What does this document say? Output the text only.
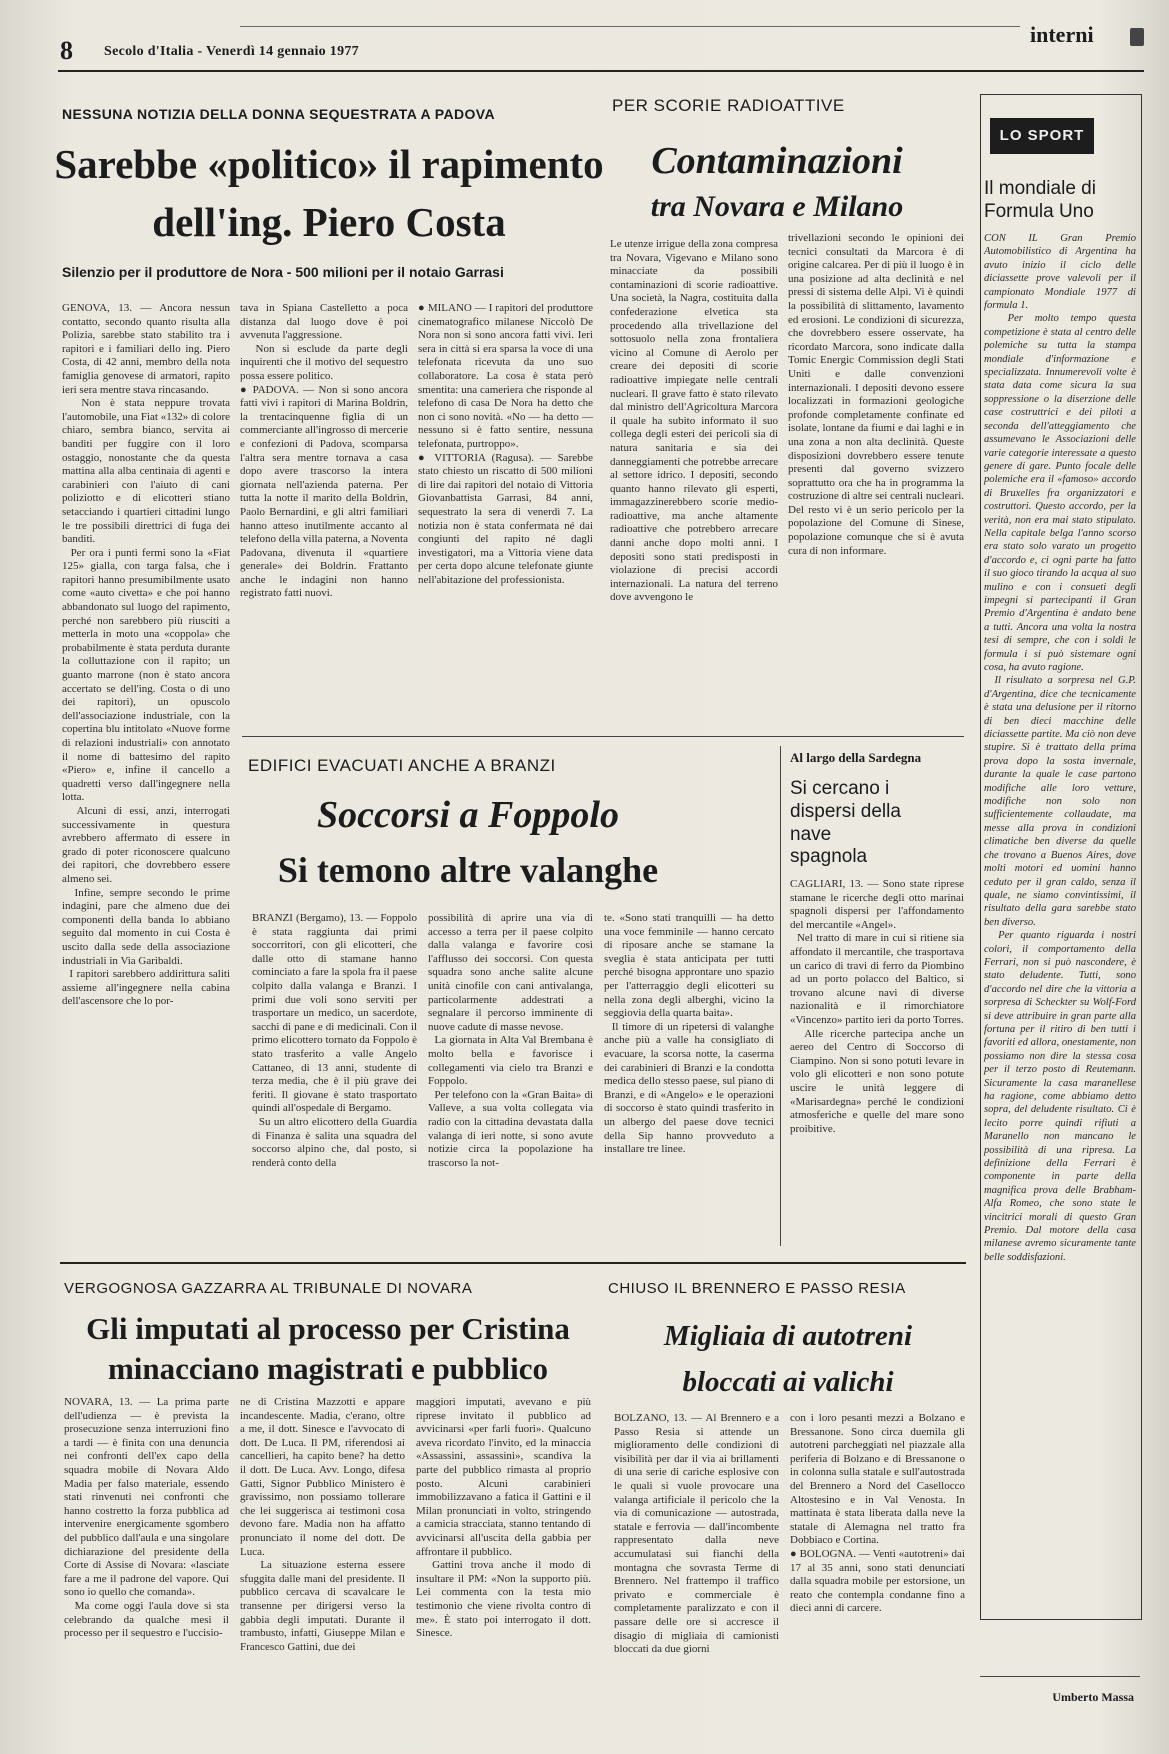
8 Secolo d'Italia - Venerdì 14 gennaio 1977
interni
NESSUNA NOTIZIA DELLA DONNA SEQUESTRATA A PADOVA
Sarebbe «politico» il rapimento
dell'ing. Piero Costa
Silenzio per il produttore de Nora - 500 milioni per il notaio Garrasi
GENOVA, 13. — Ancora nessun contatto, secondo quanto risulta alla Polizia, sarebbe stato stabilito tra i rapitori e i familiari dello ing. Piero Costa, di 42 anni, membro della nota famiglia genovese di armatori, rapito ieri sera mentre stava rincasando.
Non è stata neppure trovata l'automobile, una Fiat «132» di colore chiaro, sembra bianco, servita ai banditi per fuggire con il loro ostaggio, nonostante che da questa mattina alla alba centinaia di agenti e carabinieri con l'aiuto di cani poliziotto e di elicotteri stiano setacciando i quartieri cittadini lungo le tre possibili direttrici di fuga dei banditi.
Per ora i punti fermi sono la «Fiat 125» gialla, con targa falsa, che i rapitori hanno presumibilmente usato come «auto civetta» e che poi hanno abbandonato sul luogo del rapimento, perché non sarebbero più riusciti a metterla in moto una «coppola» che probabilmente è stata perduta durante la colluttazione con il rapito; un guanto marrone (non è stato ancora accertato se dell'ing. Costa o di uno dei rapitori), un opuscolo dell'associazione industriale, con la copertina blu intitolato «Nuove forme di relazioni industriali» con annotato il nome di battesimo del rapito «Piero» e, infine il cancello a quadretti verso dall'ingegnere nella lotta.
Alcuni di essi, anzi, interrogati successivamente in questura avrebbero affermato di essere in grado di poter riconoscere qualcuno dei rapitori, che dovrebbero essere almeno sei.
Infine, sempre secondo le prime indagini, pare che almeno due dei componenti della banda lo abbiano seguito dal momento in cui Costa è uscito dalla sede della associazione industriali in Via Garibaldi.
I rapitori sarebbero addirittura saliti assieme all'ingegnere nella cabina dell'ascensore che lo por-
tava in Spiana Castelletto a poca distanza dal luogo dove è poi avvenuta l'aggressione.
Non si esclude da parte degli inquirenti che il motivo del sequestro possa essere politico.
● PADOVA. — Non si sono ancora fatti vivi i rapitori di Marina Boldrin, la trentacinquenne figlia di un commerciante all'ingrosso di mercerie e confezioni di Padova, scomparsa l'altra sera mentre tornava a casa dopo avere trascorso la intera giornata nell'azienda paterna. Per tutta la notte il marito della Boldrin, Paolo Bernardini, e gli altri familiari hanno atteso inutilmente accanto al telefono della villa paterna, a Noventa Padovana, divenuta il «quartiere generale» dei Boldrin. Frattanto anche le indagini non hanno registrato fatti nuovi.
● MILANO — I rapitori del produttore cinematografico milanese Niccolò De Nora non si sono ancora fatti vivi. Ieri sera in città si era sparsa la voce di una telefonata ricevuta da uno suo collaboratore. La cosa è stata però smentita: una cameriera che risponde al telefono di casa De Nora ha detto che non ci sono novità. «No — ha detto — nessuno si è fatto sentire, nessuna telefonata, purtroppo».
● VITTORIA (Ragusa). — Sarebbe stato chiesto un riscatto di 500 milioni di lire dai rapitori del notaio di Vittoria Giovanbattista Garrasi, 84 anni, sequestrato la sera di venerdì 7. La notizia non è stata confermata né dai congiunti del rapito né dagli investigatori, ma a Vittoria viene data per certa dopo alcune telefonate giunte nell'abitazione del professionista.
PER SCORIE RADIOATTIVE
Contaminazioni
tra Novara e Milano
Le utenze irrigue della zona compresa tra Novara, Vigevano e Milano sono minacciate da possibili contaminazioni di scorie radioattive. Una società, la Nagra, costituita dalla confederazione elvetica sta procedendo alla trivellazione del sottosuolo nella zona frontaliera vicino al Comune di Aerolo per creare dei depositi di scorie radioattive impiegate nelle centrali nucleari. Il grave fatto è stato rilevato dal ministro dell'Agricoltura Marcora il quale ha subito informato il suo collega degli esteri dei pericoli sia di natura sanitaria e sia dei danneggiamenti che potrebbe arrecare al settore idrico. I depositi, secondo quanto hanno rilevato gli esperti, immagazzinerebbero scorie medio-radioattive, ma anche altamente radioattive che potrebbero arrecare danni anche dopo molti anni. I depositi sono stati predisposti in violazione di precisi accordi internazionali. La natura del terreno dove avvengono le
trivellazioni secondo le opinioni dei tecnici consultati da Marcora è di origine calcarea. Per di più il luogo è in una posizione ad alta declinità e nel pressi di sistema delle Alpi. Vi è quindi la possibilità di slittamento, lavamento ed erosioni. Le condizioni di sicurezza, che dovrebbero essere osservate, ha ricordato Marcora, sono indicate dalla Tomic Energic Commission degli Stati Uniti e dalle convenzioni internazionali. I depositi devono essere localizzati in formazioni geologiche profonde completamente confinate ed isolate, lontane da fiumi e dai laghi e in una zona a non alta declinità. Queste disposizioni dovrebbero essere tenute presenti dal governo svizzero soprattutto ora che ha in programma la costruzione di altre sei centrali nucleari. Del resto vi è un serio pericolo per la popolazione del Comune di Sinese, popolazione comunque che si è avuta cura di non informare.
EDIFICI EVACUATI ANCHE A BRANZI
Soccorsi a Foppolo
Si temono altre valanghe
BRANZI (Bergamo), 13. — Foppolo è stata raggiunta dai primi soccorritori, con gli elicotteri, che dalle otto di stamane hanno cominciato a fare la spola fra il paese colpito dalla valanga e Branzi. I primi due voli sono serviti per trasportare un medico, un sacerdote, sacchi di pane e di medicinali. Con il primo elicottero tornato da Foppolo è stato trasferito a valle Angelo Cattaneo, di 13 anni, studente di terza media, che è il più grave dei feriti. Il giovane è stato trasportato quindi all'ospedale di Bergamo.
Su un altro elicottero della Guardia di Finanza è salita una squadra del soccorso alpino che, dal posto, si renderà conto della
possibilità di aprire una via di accesso a terra per il paese colpito dalla valanga e favorire così l'afflusso dei soccorsi. Con questa squadra sono anche salite alcune unità cinofile con cani antivalanga, particolarmente addestrati a segnalare il percorso imminente di nuove cadute di masse nevose.
La giornata in Alta Val Brembana è molto bella e favorisce i collegamenti via cielo tra Branzi e Foppolo.
Per telefono con la «Gran Baita» di Valleve, a sua volta collegata via radio con la cittadina devastata dalla valanga di ieri notte, si sono avute notizie circa la popolazione ha trascorso la not-
te. «Sono stati tranquilli — ha detto una voce femminile — hanno cercato di riposare anche se stamane la sveglia è stata anticipata per tutti perché bisogna approntare uno spazio per l'atterraggio degli elicotteri su nella zona degli alberghi, vicino la seggiovia della quarta baita».
Il timore di un ripetersi di valanghe anche più a valle ha consigliato di evacuare, la scorsa notte, la caserma dei carabinieri di Branzi e la condotta medica dello stesso paese, sul piano di Branzi, e di «Angelo» e le operazioni di soccorso è stato quindi trasferito in un albergo del paese dove tecnici della Sip hanno provveduto a installare tre linee.
Al largo della Sardegna
Si cercano i dispersi della nave spagnola
CAGLIARI, 13. — Sono state riprese stamane le ricerche degli otto marinai spagnoli dispersi per l'affondamento del mercantile «Angel».
Nel tratto di mare in cui si ritiene sia affondato il mercantile, che trasportava un carico di travi di ferro da Piombino ad un porto polacco del Baltico, si trovano alcune navi di diverse nazionalità e il rimorchiatore «Vincenzo» partito ieri da porto Torres.
Alle ricerche partecipa anche un aereo del Centro di Soccorso di Ciampino. Non si sono potuti levare in volo gli elicotteri e non sono potute uscire le unità leggere di «Marisardegna» perché le condizioni atmosferiche e quelle del mare sono proibitive.
VERGOGNOSA GAZZARRA AL TRIBUNALE DI NOVARA
Gli imputati al processo per Cristina
minacciano magistrati e pubblico
NOVARA, 13. — La prima parte dell'udienza — è prevista la prosecuzione senza interruzioni fino a tardi — è finita con una denuncia nei confronti dell'ex capo della squadra mobile di Novara Aldo Madia per falso materiale, essendo stati rinvenuti nei confronti che hanno costretto la forza pubblica ad intervenire energicamente sgombero del pubblico dall'aula e una singolare dichiarazione del presidente della Corte di Assise di Novara: «lasciate fare a me il padrone del vapore. Qui sono io quello che comanda».
Ma come oggi l'aula dove si sta celebrando da qualche mesi il processo per il sequestro e l'uccisio-
ne di Cristina Mazzotti e appare incandescente. Madia, c'erano, oltre a me, il dott. Sinesce e l'avvocato di dott. De Luca. Il PM, riferendosi ai cancellieri, ha capito bene? ha detto il dott. De Luca. Avv. Longo, difesa Gatti, Signor Pubblico Ministero è gravissimo, non possiamo tollerare che lei suggerisca ai testimoni cosa devono fare. Madia non ha affatto pronunciato il nome del dott. De Luca.
La situazione esterna essere sfuggita dalle mani del presidente. Il pubblico cercava di scavalcare le transenne per dirigersi verso la gabbia degli imputati. Durante il trambusto, infatti, Giuseppe Milan e Francesco Gattini, due dei
maggiori imputati, avevano e più riprese invitato il pubblico ad avvicinarsi «per farli fuori». Qualcuno aveva ricordato l'invito, ed la minaccia «Assassini, assassini», scandiva la parte del pubblico rimasta al proprio posto. Alcuni carabinieri immobilizzavano a fatica il Gattini e il Milan pronunciati in volto, stringendo a camicia stracciata, stanno tentando di avvicinarsi all'uscita della gabbia per affrontare il pubblico.
Gattini trova anche il modo di insultare il PM: «Non la supporto più. Lei commenta con la testa mio testimonio che viene rivolta contro di me». È stato poi interrogato il dott. Sinesce.
CHIUSO IL BRENNERO E PASSO RESIA
Migliaia di autotreni
bloccati ai valichi
BOLZANO, 13. — Al Brennero e a Passo Resia si attende un miglioramento delle condizioni di visibilità per dar il via ai brillamenti di una serie di cariche esplosive con le quali si vuole provocare una valanga artificiale il pericolo che la via di comunicazione — autostrada, statale e ferrovia — dall'incombente rappresentato dalla neve accumulatasi sui fianchi della montagna che sovrasta Terme di Brennero. Nel frattempo il traffico privato e commerciale è completamente paralizzato e con il passare delle ore si accresce il disagio di migliaia di camionisti bloccati da due giorni
con i loro pesanti mezzi a Bolzano e Bressanone. Sono circa duemila gli autotreni parcheggiati nel piazzale alla periferia di Bolzano e di Bressanone o in colonna sulla statale e sull'autostrada del Brennero a Nord del Casellocco Altostesino e in Val Venosta. In mattinata è stata liberata dalla neve la statale di Alemagna nel tratto fra Dobbiaco e Cortina.
● BOLOGNA. — Venti «autotreni» dai 17 al 35 anni, sono stati denunciati dalla squadra mobile per estorsione, un reato che contempla condanne fino a dieci anni di carcere.
LO SPORT
Il mondiale di Formula Uno
CON IL Gran Premio Automobilistico di Argentina ha avuto inizio il ciclo delle diciassette prove valevoli per il campionato Mondiale 1977 di formula 1.
Per molto tempo questa competizione è stata al centro delle polemiche su tutta la stampa mondiale d'informazione e specializzata. Innumerevoli volte è stata data come sicura la sua soppressione o la diserzione delle case costruttrici e dei piloti a seconda dell'atteggiamento che assumevano le Associazioni delle varie categorie interessate a questo genere di gare. Punto focale delle polemiche era il «famoso» accordo di Bruxelles fra organizzatori e costruttori. Questo accordo, per la verità, non era mai stato stipulato. Nella capitale belga l'anno scorso era stato solo varato un progetto d'accordo e, ci ogni parte ha fatto il suo gioco tirando la acqua al suo mulino e con i consueti degli impegni si partecipanti il Gran Premio d'Argentina è andato bene a tutti. Ancora una volta la nostra tesi di sempre, che con i soldi le formula i si può sistemare ogni cosa, ha avuto ragione.
Il risultato a sorpresa nel G.P. d'Argentina, dice che tecnicamente è stata una delusione per il ritorno di ben dieci macchine delle diciassette partite. Ma ciò non deve stupire. Si è trattato della prima prova dopo la sosta invernale, durante la quale le case partono modifiche alle loro vetture, modifiche non solo non sufficientemente collaudate, ma messe alla prova in condizioni climatiche ben diverse da quelle che trovano a Buenos Aires, dove molti motori ed uomini hanno ceduto per il gran caldo, senza il quale, ne siamo convintissimi, il risultato della gara sarebbe stato ben diverso.
Per quanto riguarda i nostri colori, il comportamento della Ferrari, non si può nascondere, è stato deludente. Tutti, sono d'accordo nel dire che la vittoria a sorpresa di Scheckter su Wolf-Ford si deve attribuire in gran parte alla fortuna per il ritiro di ben tutti i favoriti ed allora, onestamente, non possiamo non dire la stessa cosa per il terzo posto di Reutemann. Sicuramente la casa maranellese ha ragione, come abbiamo detto sopra, del deludente risultato. Ci è lecito porre quindi rifiuti a Maranello non mancano le possibilità di una ripresa. La definizione della Ferrari è componente in parte della magnifica prova delle Brabham-Alfa Romeo, che sono state le vincitrici morali di questo Gran Premio. Dal motore della casa milanese avremo sicuramente tante belle soddisfazioni.
Umberto Massa
